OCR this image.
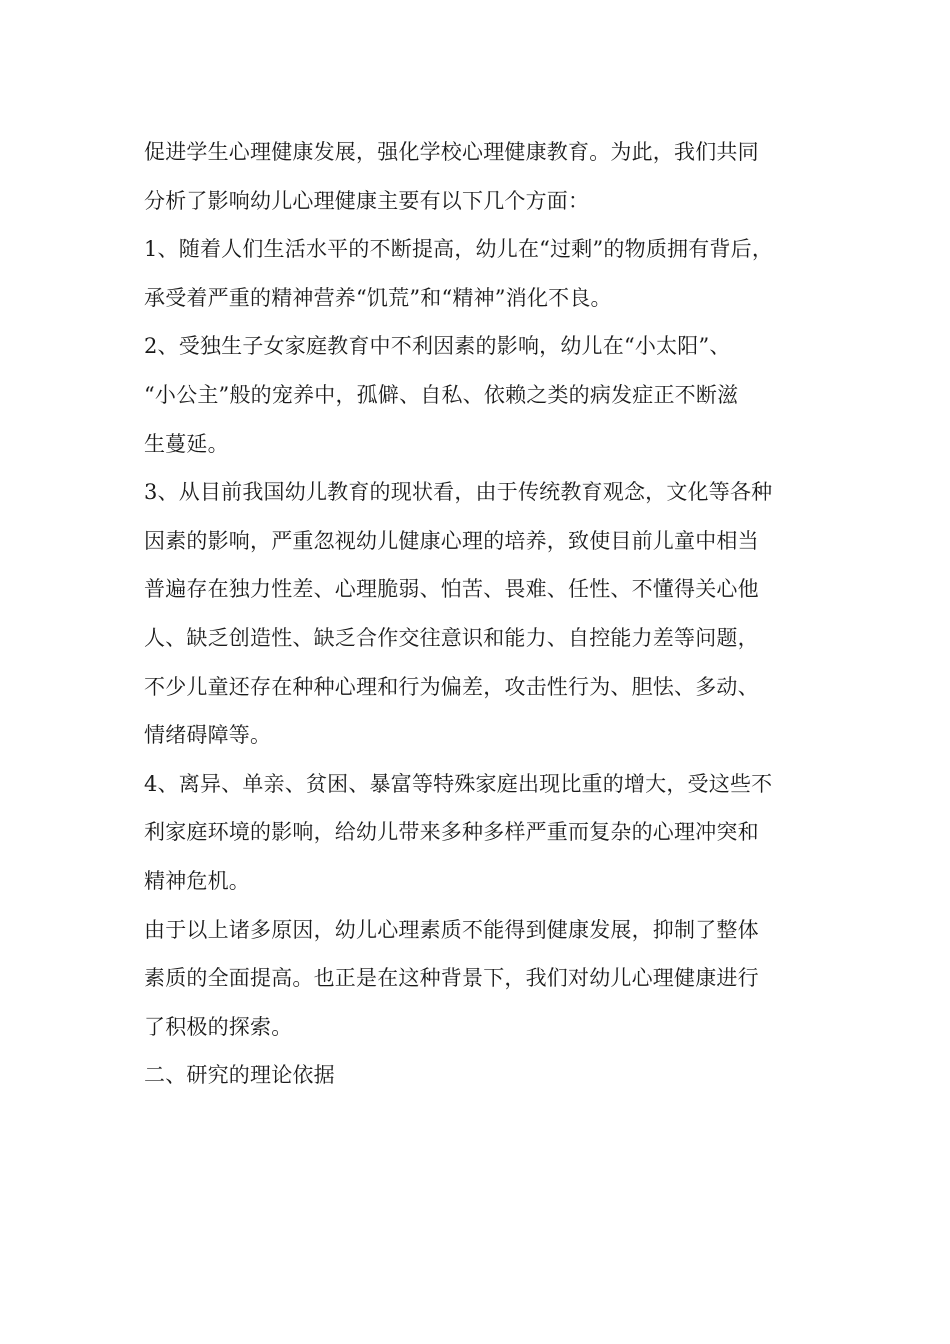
促进学生心理健康发展，强化学校心理健康教育。为此，我们共同
分析了影响幼儿心理健康主要有以下几个方面：
1、随着人们生活水平的不断提高，幼儿在“过剩”的物质拥有背后，
承受着严重的精神营养“饥荒”和“精神”消化不良。
2、受独生子女家庭教育中不利因素的影响，幼儿在“小太阳”、
“小公主”般的宠养中，孤僻、自私、依赖之类的病发症正不断滋
生蔓延。
3、从目前我国幼儿教育的现状看，由于传统教育观念，文化等各种
因素的影响，严重忽视幼儿健康心理的培养，致使目前儿童中相当
普遍存在独力性差、心理脆弱、怕苦、畏难、任性、不懂得关心他
人、缺乏创造性、缺乏合作交往意识和能力、自控能力差等问题，
不少儿童还存在种种心理和行为偏差，攻击性行为、胆怯、多动、
情绪碍障等。
4、离异、单亲、贫困、暴富等特殊家庭出现比重的增大，受这些不
利家庭环境的影响，给幼儿带来多种多样严重而复杂的心理冲突和
精神危机。
由于以上诸多原因，幼儿心理素质不能得到健康发展，抑制了整体
素质的全面提高。也正是在这种背景下，我们对幼儿心理健康进行
了积极的探索。
二、研究的理论依据
